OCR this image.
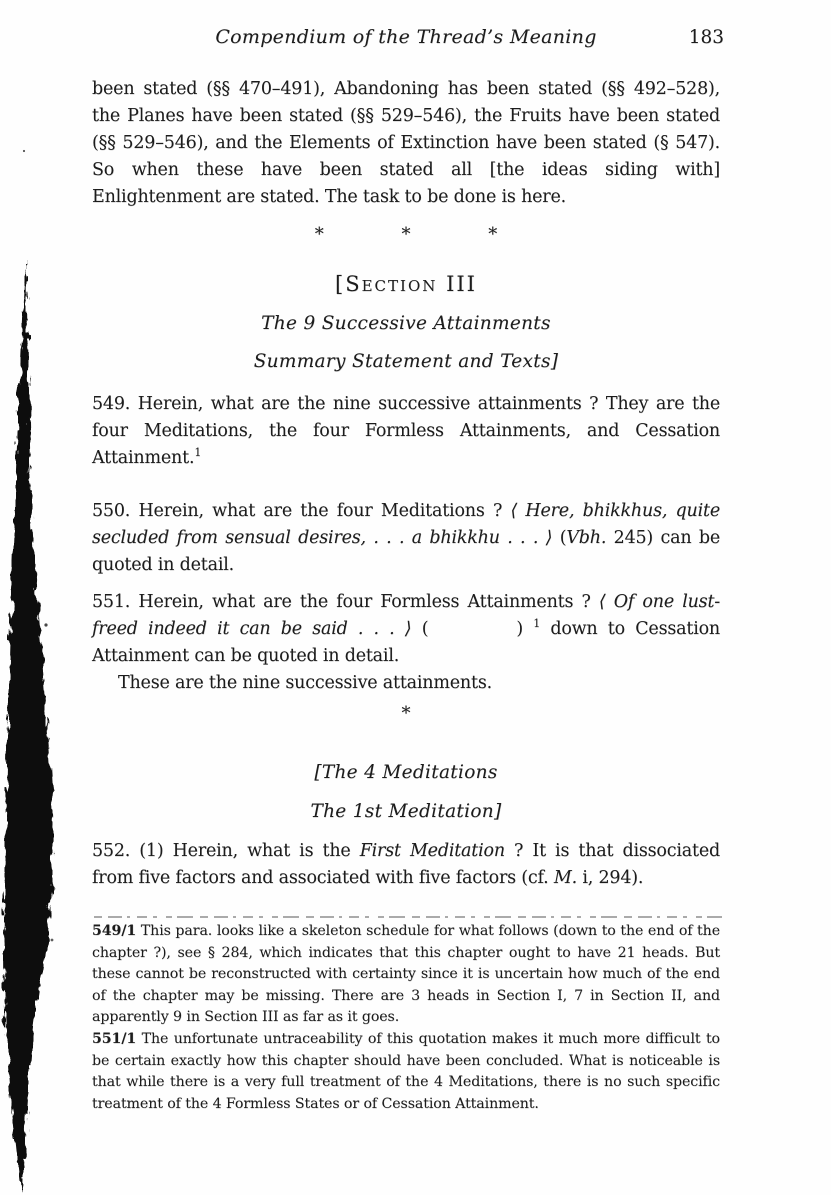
Compendium of the Thread’s Meaning	183
been stated (§§ 470–491), Abandoning has been stated (§§ 492–528), the Planes have been stated (§§ 529–546), the Fruits have been stated (§§ 529–546), and the Elements of Extinction have been stated (§ 547). So when these have been stated all [the ideas siding with] Enlightenment are stated. The task to be done is here.
*	*	*
[Section III
The 9 Successive Attainments
Summary Statement and Texts]
549. Herein, what are the nine successive attainments ? They are the four Meditations, the four Formless Attainments, and Cessation Attainment.$^1$
550. Herein, what are the four Meditations ? ⟨ Here, bhikkhus, quite secluded from sensual desires, . . . a bhikkhu . . . ⟩ (Vbh. 245) can be quoted in detail.
551. Herein, what are the four Formless Attainments ? ⟨ Of one lust-freed indeed it can be said . . . ⟩ (	) $^1$ down to Cessation Attainment can be quoted in detail.
These are the nine successive attainments.
*
[The 4 Meditations
The 1st Meditation]
552. (1) Herein, what is the First Meditation ? It is that dissociated from five factors and associated with five factors (cf. M. i, 294).
549/1 This para. looks like a skeleton schedule for what follows (down to the end of the chapter ?), see § 284, which indicates that this chapter ought to have 21 heads. But these cannot be reconstructed with certainty since it is uncertain how much of the end of the chapter may be missing. There are 3 heads in Section I, 7 in Section II, and apparently 9 in Section III as far as it goes.
551/1 The unfortunate untraceability of this quotation makes it much more difficult to be certain exactly how this chapter should have been concluded. What is noticeable is that while there is a very full treatment of the 4 Meditations, there is no such specific treatment of the 4 Formless States or of Cessation Attainment.
